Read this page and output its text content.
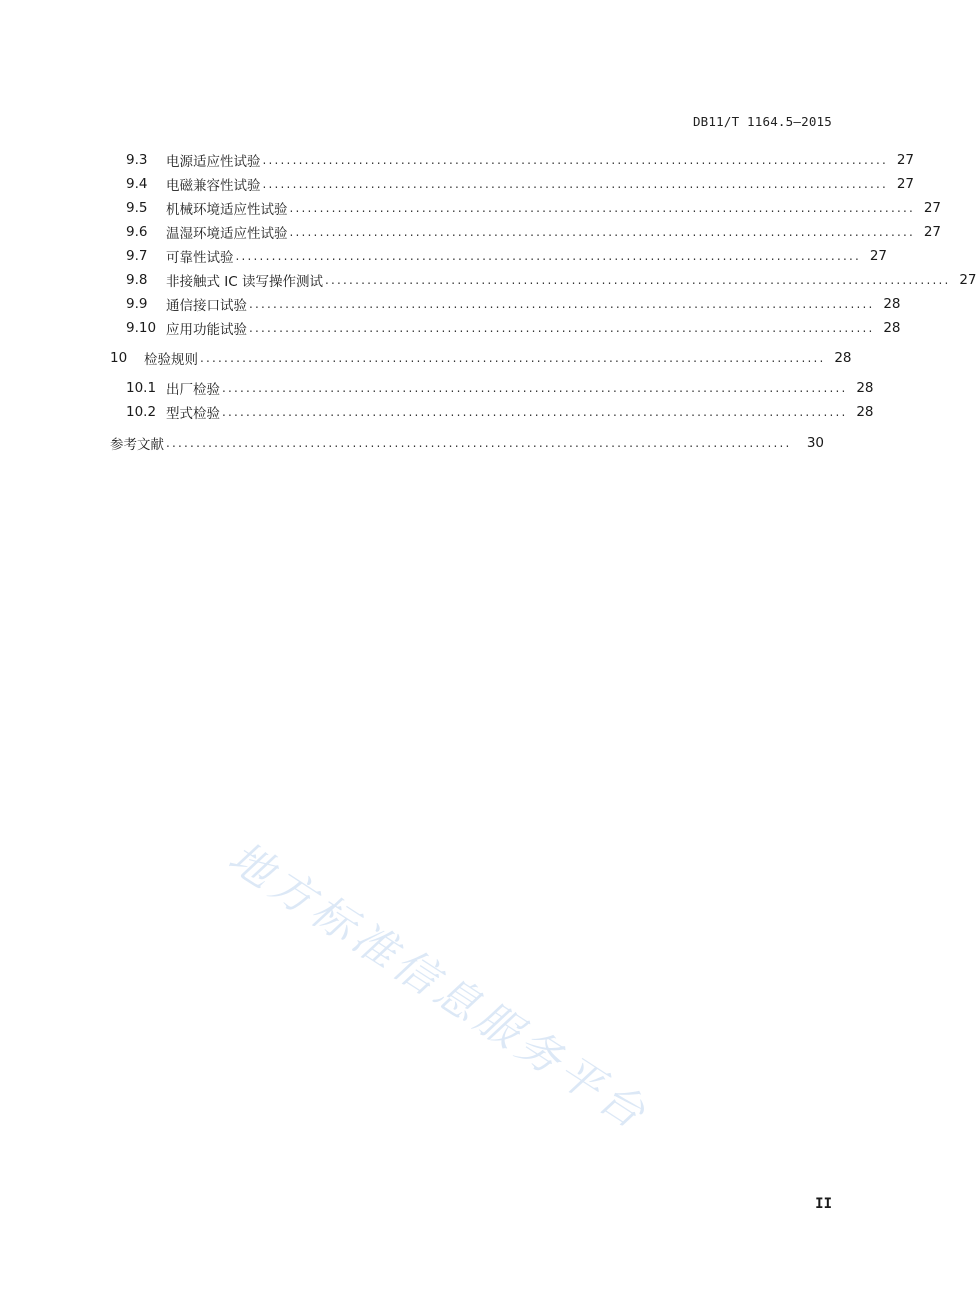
DB11/T 1164.5—2015
9.3	电源适应性试验 ........................................................................................................ 27
9.4	电磁兼容性试验 ........................................................................................................ 27
9.5	机械环境适应性试验 ........................................................................................................ 27
9.6	温湿环境适应性试验 ........................................................................................................ 27
9.7	可靠性试验 ........................................................................................................ 27
9.8	非接触式 IC 读写操作测试 ........................................................................................................ 27
9.9	通信接口试验 ........................................................................................................ 28
9.10 应用功能试验 ........................................................................................................ 28
10	检验规则 ........................................................................................................ 28
10.1 出厂检验 ........................................................................................................ 28
10.2 型式检验 ........................................................................................................ 28
参考文献 ........................................................................................................	30
地方标准信息服务平台
II
